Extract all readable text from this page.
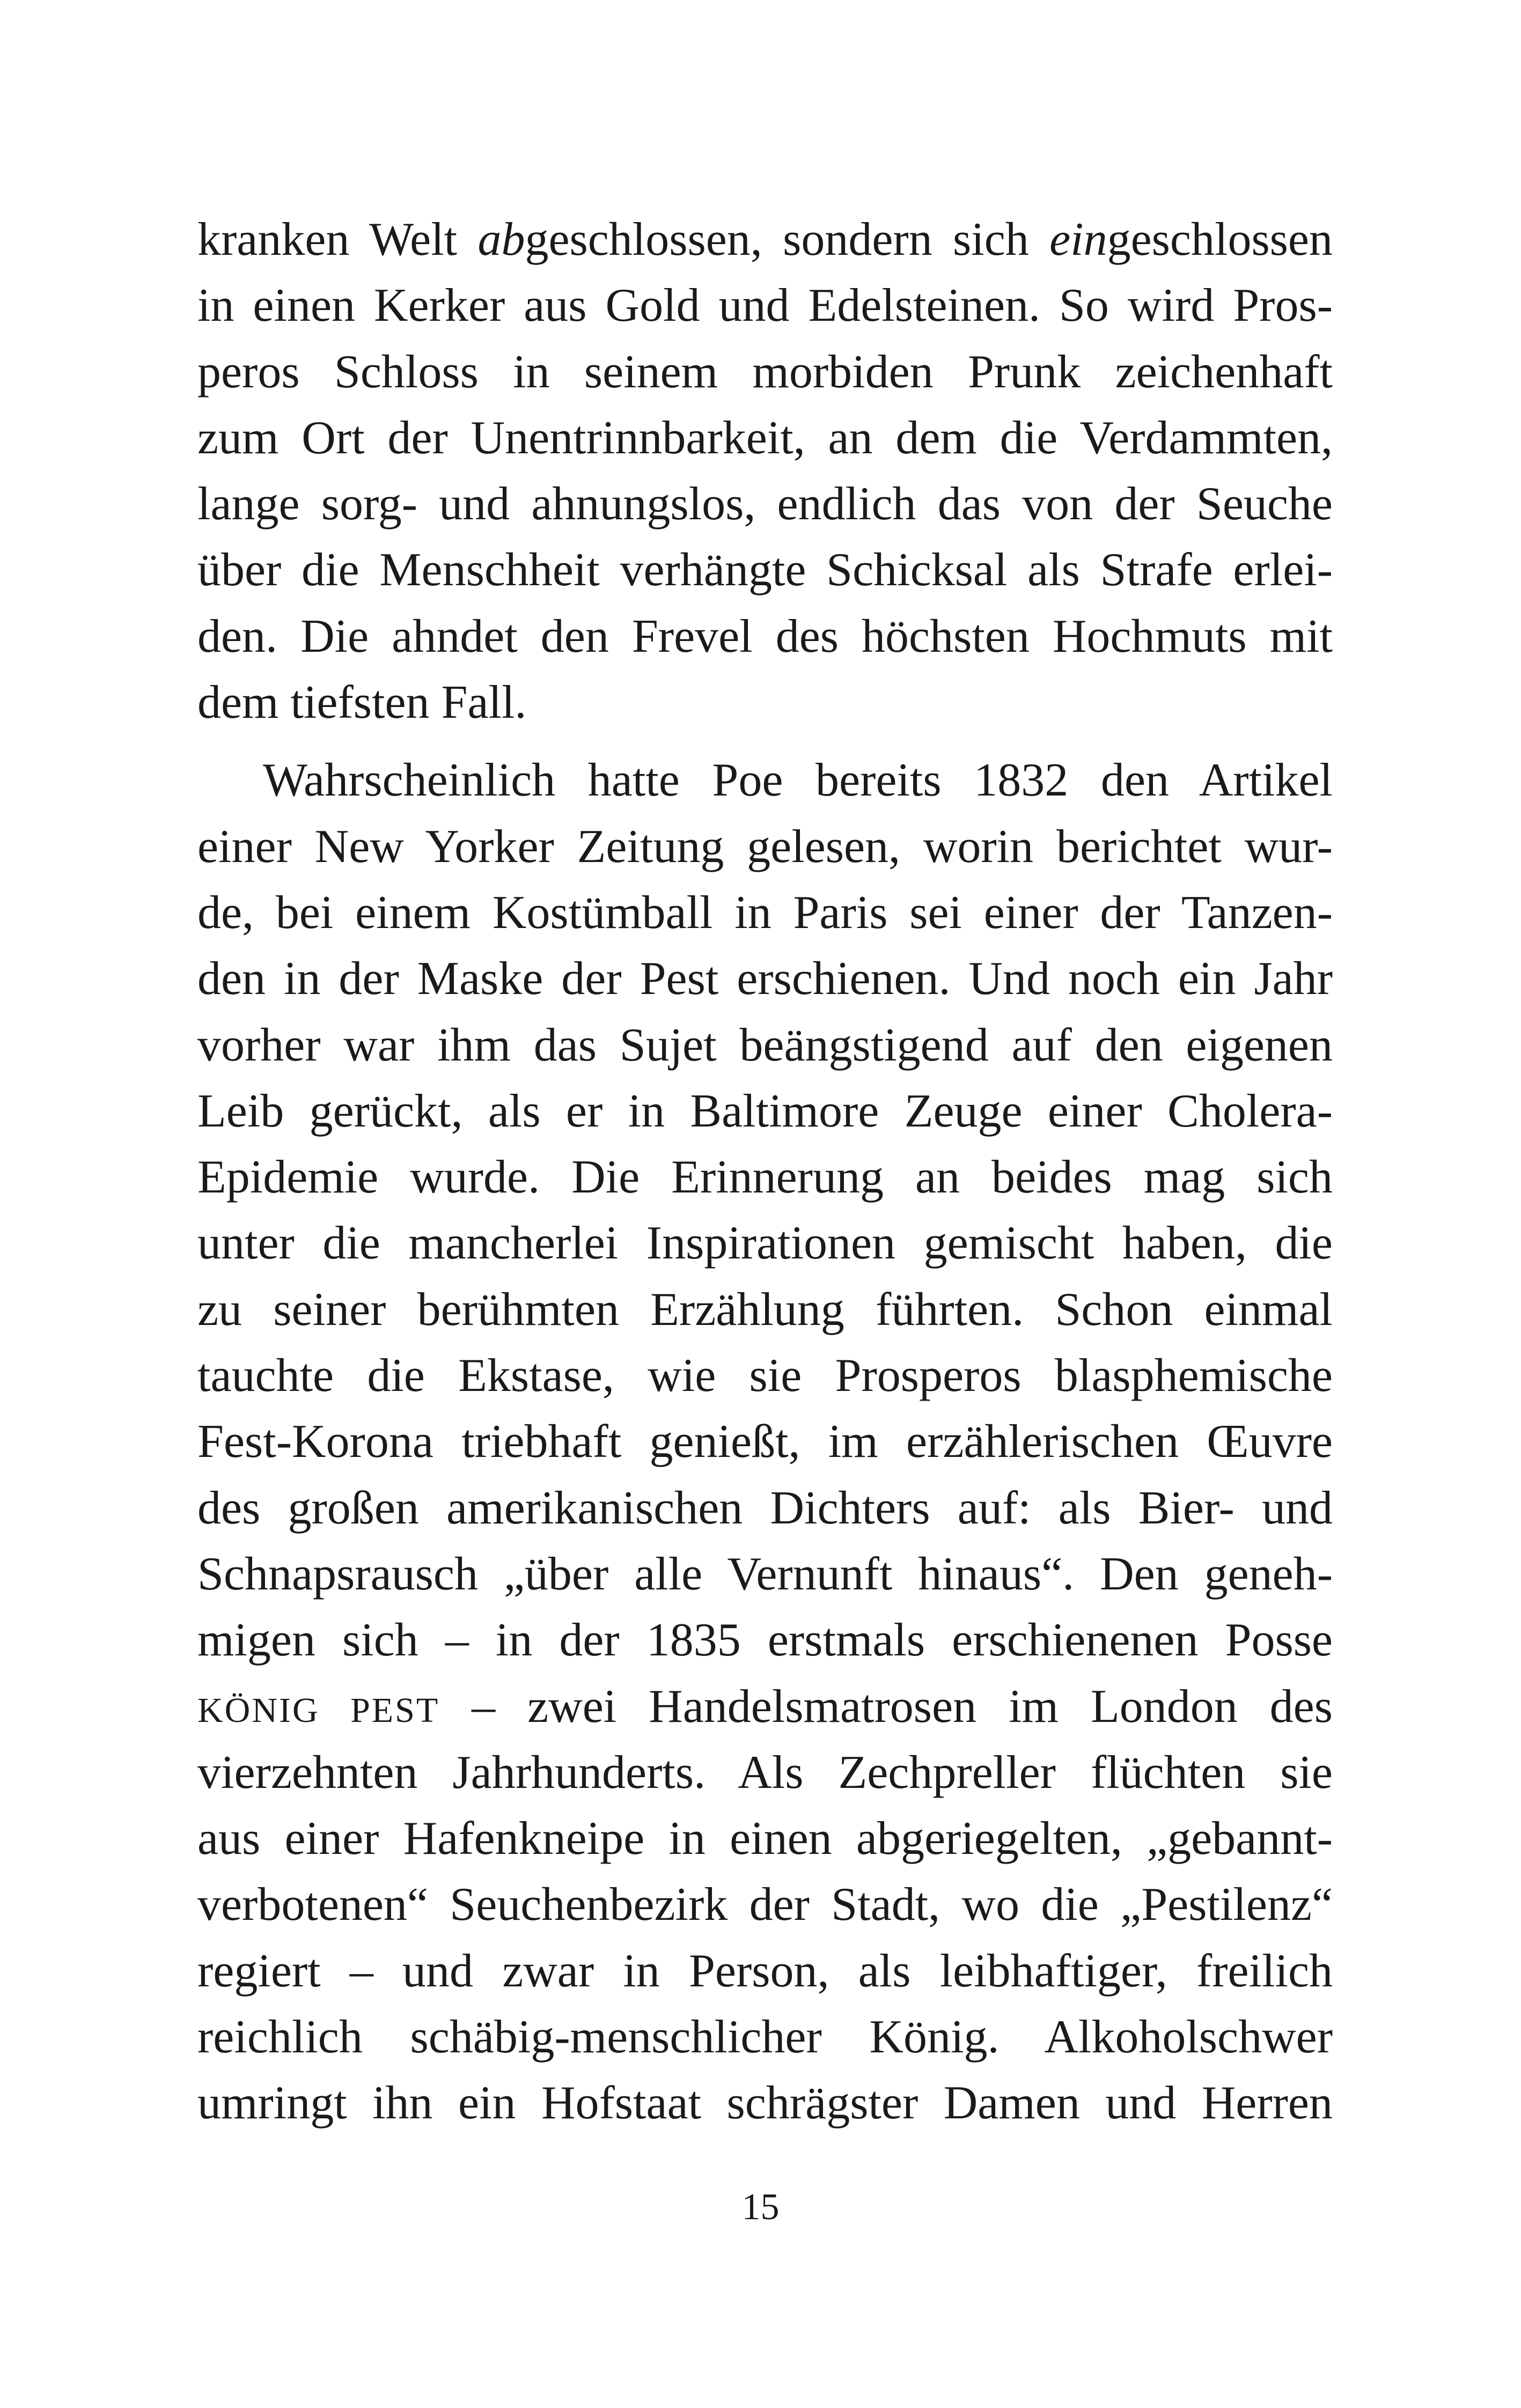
kranken Welt abgeschlossen, sondern sich eingeschlossen
in einen Kerker aus Gold und Edelsteinen. So wird Pros-
peros Schloss in seinem morbiden Prunk zeichenhaft
zum Ort der Unentrinnbarkeit, an dem die Verdammten,
lange sorg- und ahnungslos, endlich das von der Seuche
über die Menschheit verhängte Schicksal als Strafe erlei-
den. Die ahndet den Frevel des höchsten Hochmuts mit
dem tiefsten Fall.
Wahrscheinlich hatte Poe bereits 1832 den Artikel
einer New Yorker Zeitung gelesen, worin berichtet wur-
de, bei einem Kostümball in Paris sei einer der Tanzen-
den in der Maske der Pest erschienen. Und noch ein Jahr
vorher war ihm das Sujet beängstigend auf den eigenen
Leib gerückt, als er in Baltimore Zeuge einer Cholera-
Epidemie wurde. Die Erinnerung an beides mag sich
unter die mancherlei Inspirationen gemischt haben, die
zu seiner berühmten Erzählung führten. Schon einmal
tauchte die Ekstase, wie sie Prosperos blasphemische
Fest-Korona triebhaft genießt, im erzählerischen Œuvre
des großen amerikanischen Dichters auf: als Bier- und
Schnapsrausch „über alle Vernunft hinaus“. Den geneh-
migen sich – in der 1835 erstmals erschienenen Posse
KÖNIG PEST – zwei Handelsmatrosen im London des
vierzehnten Jahrhunderts. Als Zechpreller flüchten sie
aus einer Hafenkneipe in einen abgeriegelten, „gebannt-
verbotenen“ Seuchenbezirk der Stadt, wo die „Pestilenz“
regiert – und zwar in Person, als leibhaftiger, freilich
reichlich schäbig-menschlicher König. Alkoholschwer
umringt ihn ein Hofstaat schrägster Damen und Herren
15
